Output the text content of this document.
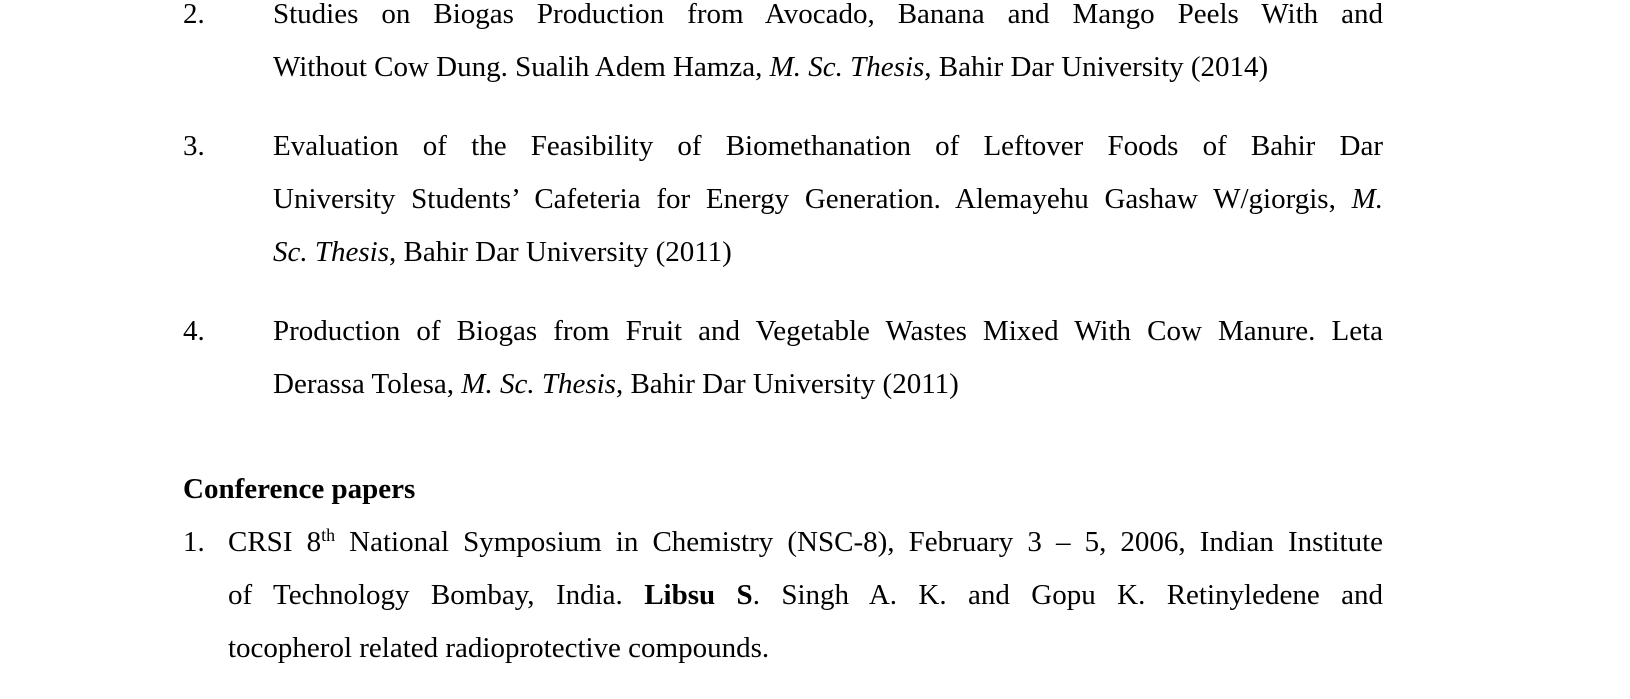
2. Studies on Biogas Production from Avocado, Banana and Mango Peels With and
Without Cow Dung. Sualih Adem Hamza, M. Sc. Thesis, Bahir Dar University (2014)
3. Evaluation of the Feasibility of Biomethanation of Leftover Foods of Bahir Dar
University Students’ Cafeteria for Energy Generation. Alemayehu Gashaw W/giorgis, M.
Sc. Thesis, Bahir Dar University (2011)
4. Production of Biogas from Fruit and Vegetable Wastes Mixed With Cow Manure. Leta
Derassa Tolesa, M. Sc. Thesis, Bahir Dar University (2011)
Conference papers
1. CRSI 8th National Symposium in Chemistry (NSC-8), February 3 – 5, 2006, Indian Institute
of Technology Bombay, India. Libsu S. Singh A. K. and Gopu K. Retinyledene and
tocopherol related radioprotective compounds.
